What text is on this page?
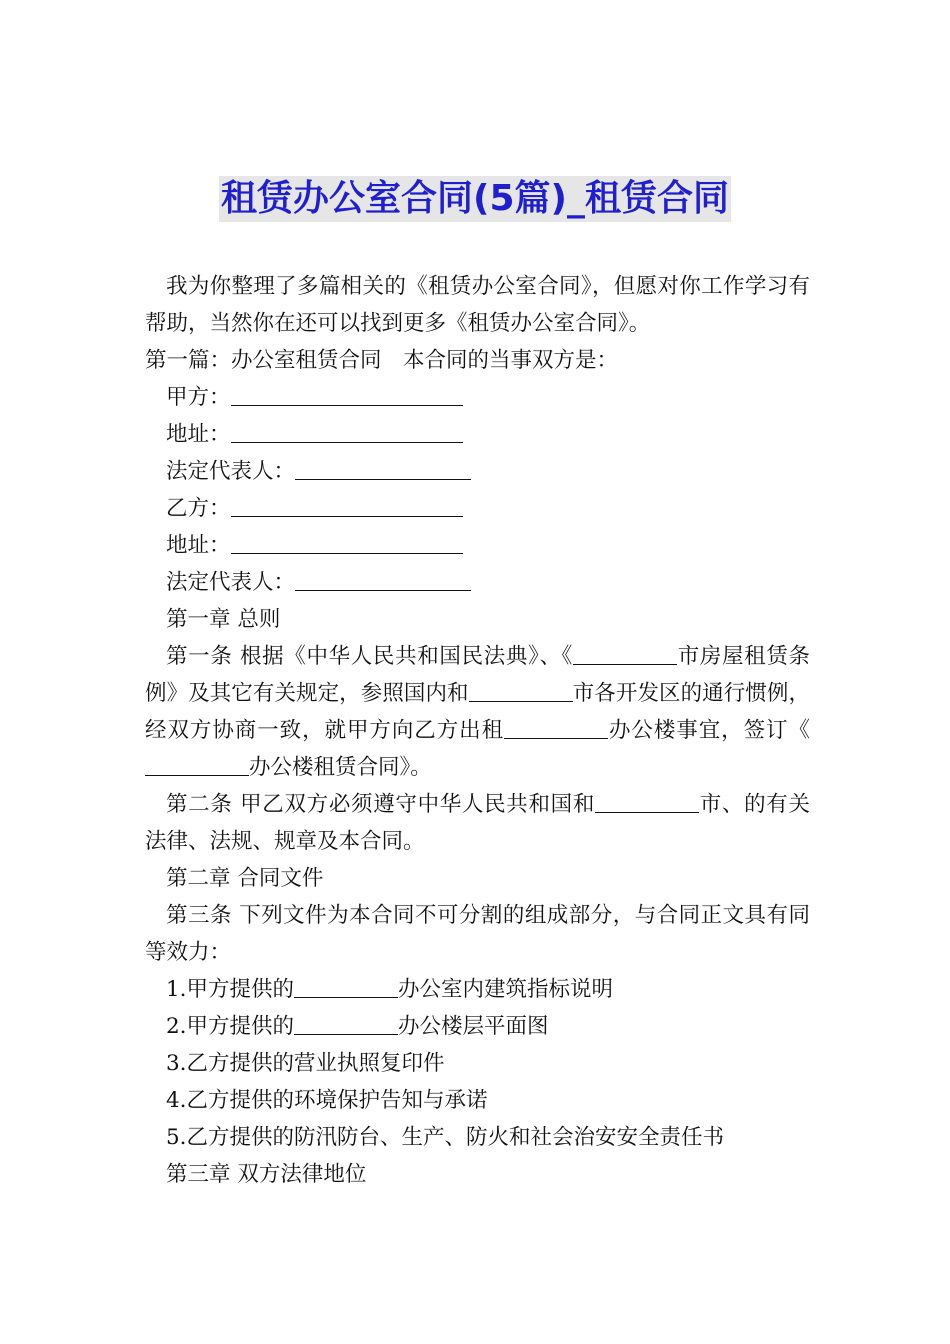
租赁办公室合同(5篇)_租赁合同

我为你整理了多篇相关的《租赁办公室合同》，但愿对你工作学习有帮助，当然你在还可以找到更多《租赁办公室合同》。

第一篇：办公室租赁合同　本合同的当事双方是：

甲方：

地址：

法定代表人：

乙方：

地址：

法定代表人：

第一章 总则

第一条 根据《中华人民共和国民法典》、《	市房屋租赁条例》及其它有关规定，参照国内和	市各开发区的通行惯例，经双方协商一致，就甲方向乙方出租	办公楼事宜，签订《办公楼租赁合同》。

第二条 甲乙双方必须遵守中华人民共和国和	市、的有关法律、法规、规章及本合同。

第二章 合同文件

第三条 下列文件为本合同不可分割的组成部分，与合同正文具有同等效力：

1.甲方提供的	办公室内建筑指标说明

2.甲方提供的	办公楼层平面图

3.乙方提供的营业执照复印件

4.乙方提供的环境保护告知与承诺

5.乙方提供的防汛防台、生产、防火和社会治安安全责任书

第三章 双方法律地位
